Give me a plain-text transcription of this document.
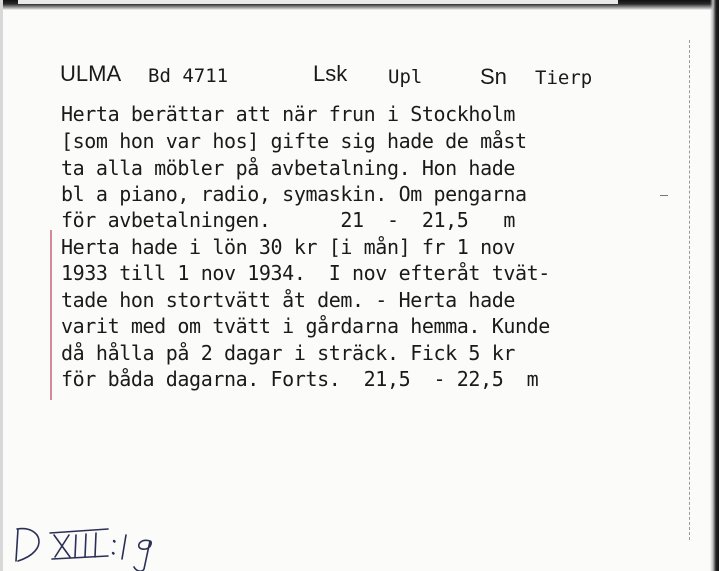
ULMA Bd 4711	Lsk Upl	Sn Tierp
Herta berättar att när frun i Stockholm
[som hon var hos] gifte sig hade de måst
ta alla möbler på avbetalning. Hon hade
bl a piano, radio, symaskin. Om pengarna
för avbetalningen.      21  -  21,5   m
Herta hade i lön 30 kr [i mån] fr 1 nov
1933 till 1 nov 1934.  I nov efteråt tvät-
tade hon stortvätt åt dem. - Herta hade
varit med om tvätt i gårdarna hemma. Kunde
då hålla på 2 dagar i sträck. Fick 5 kr
för båda dagarna. Forts.  21,5  - 22,5  m
